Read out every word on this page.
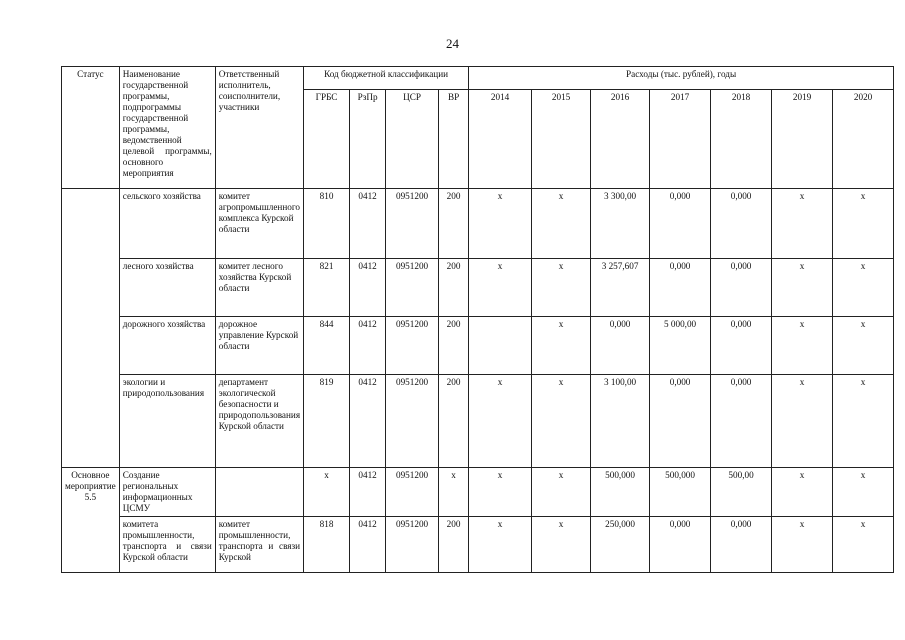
24
Статус	Наименование государственной программы, подпрограммы государственной программы, ведомственной целевой программы, основного мероприятия	Ответственный исполнитель, соисполнители, участники	Код бюджетной классификации				Расходы (тыс. рублей), годы						
			ГРБС	РзПр	ЦСР	ВР	2014	2015	2016	2017	2018	2019	2020
	сельского хозяйства	комитет агропромышленного комплекса Курской области	810	0412	0951200	200	x	x	3 300,00	0,000	0,000	x	x
	лесного хозяйства	комитет лесного хозяйства Курской области	821	0412	0951200	200	x	x	3 257,607	0,000	0,000	x	x
	дорожного хозяйства	дорожное управление Курской области	844	0412	0951200	200		x	0,000	5 000,00	0,000	x	x
	экологии и природопользования	департамент экологической безопасности и природопользования Курской области	819	0412	0951200	200	x	x	3 100,00	0,000	0,000	x	x
Основное мероприятие 5.5	Создание региональных информационных ЦСМУ		x	0412	0951200	x	x	x	500,000	500,000	500,00	x	x
	комитета промышленности, транспорта и связи Курской области	комитет промышленности, транспорта и связи Курской	818	0412	0951200	200	x	x	250,000	0,000	0,000	x	x
